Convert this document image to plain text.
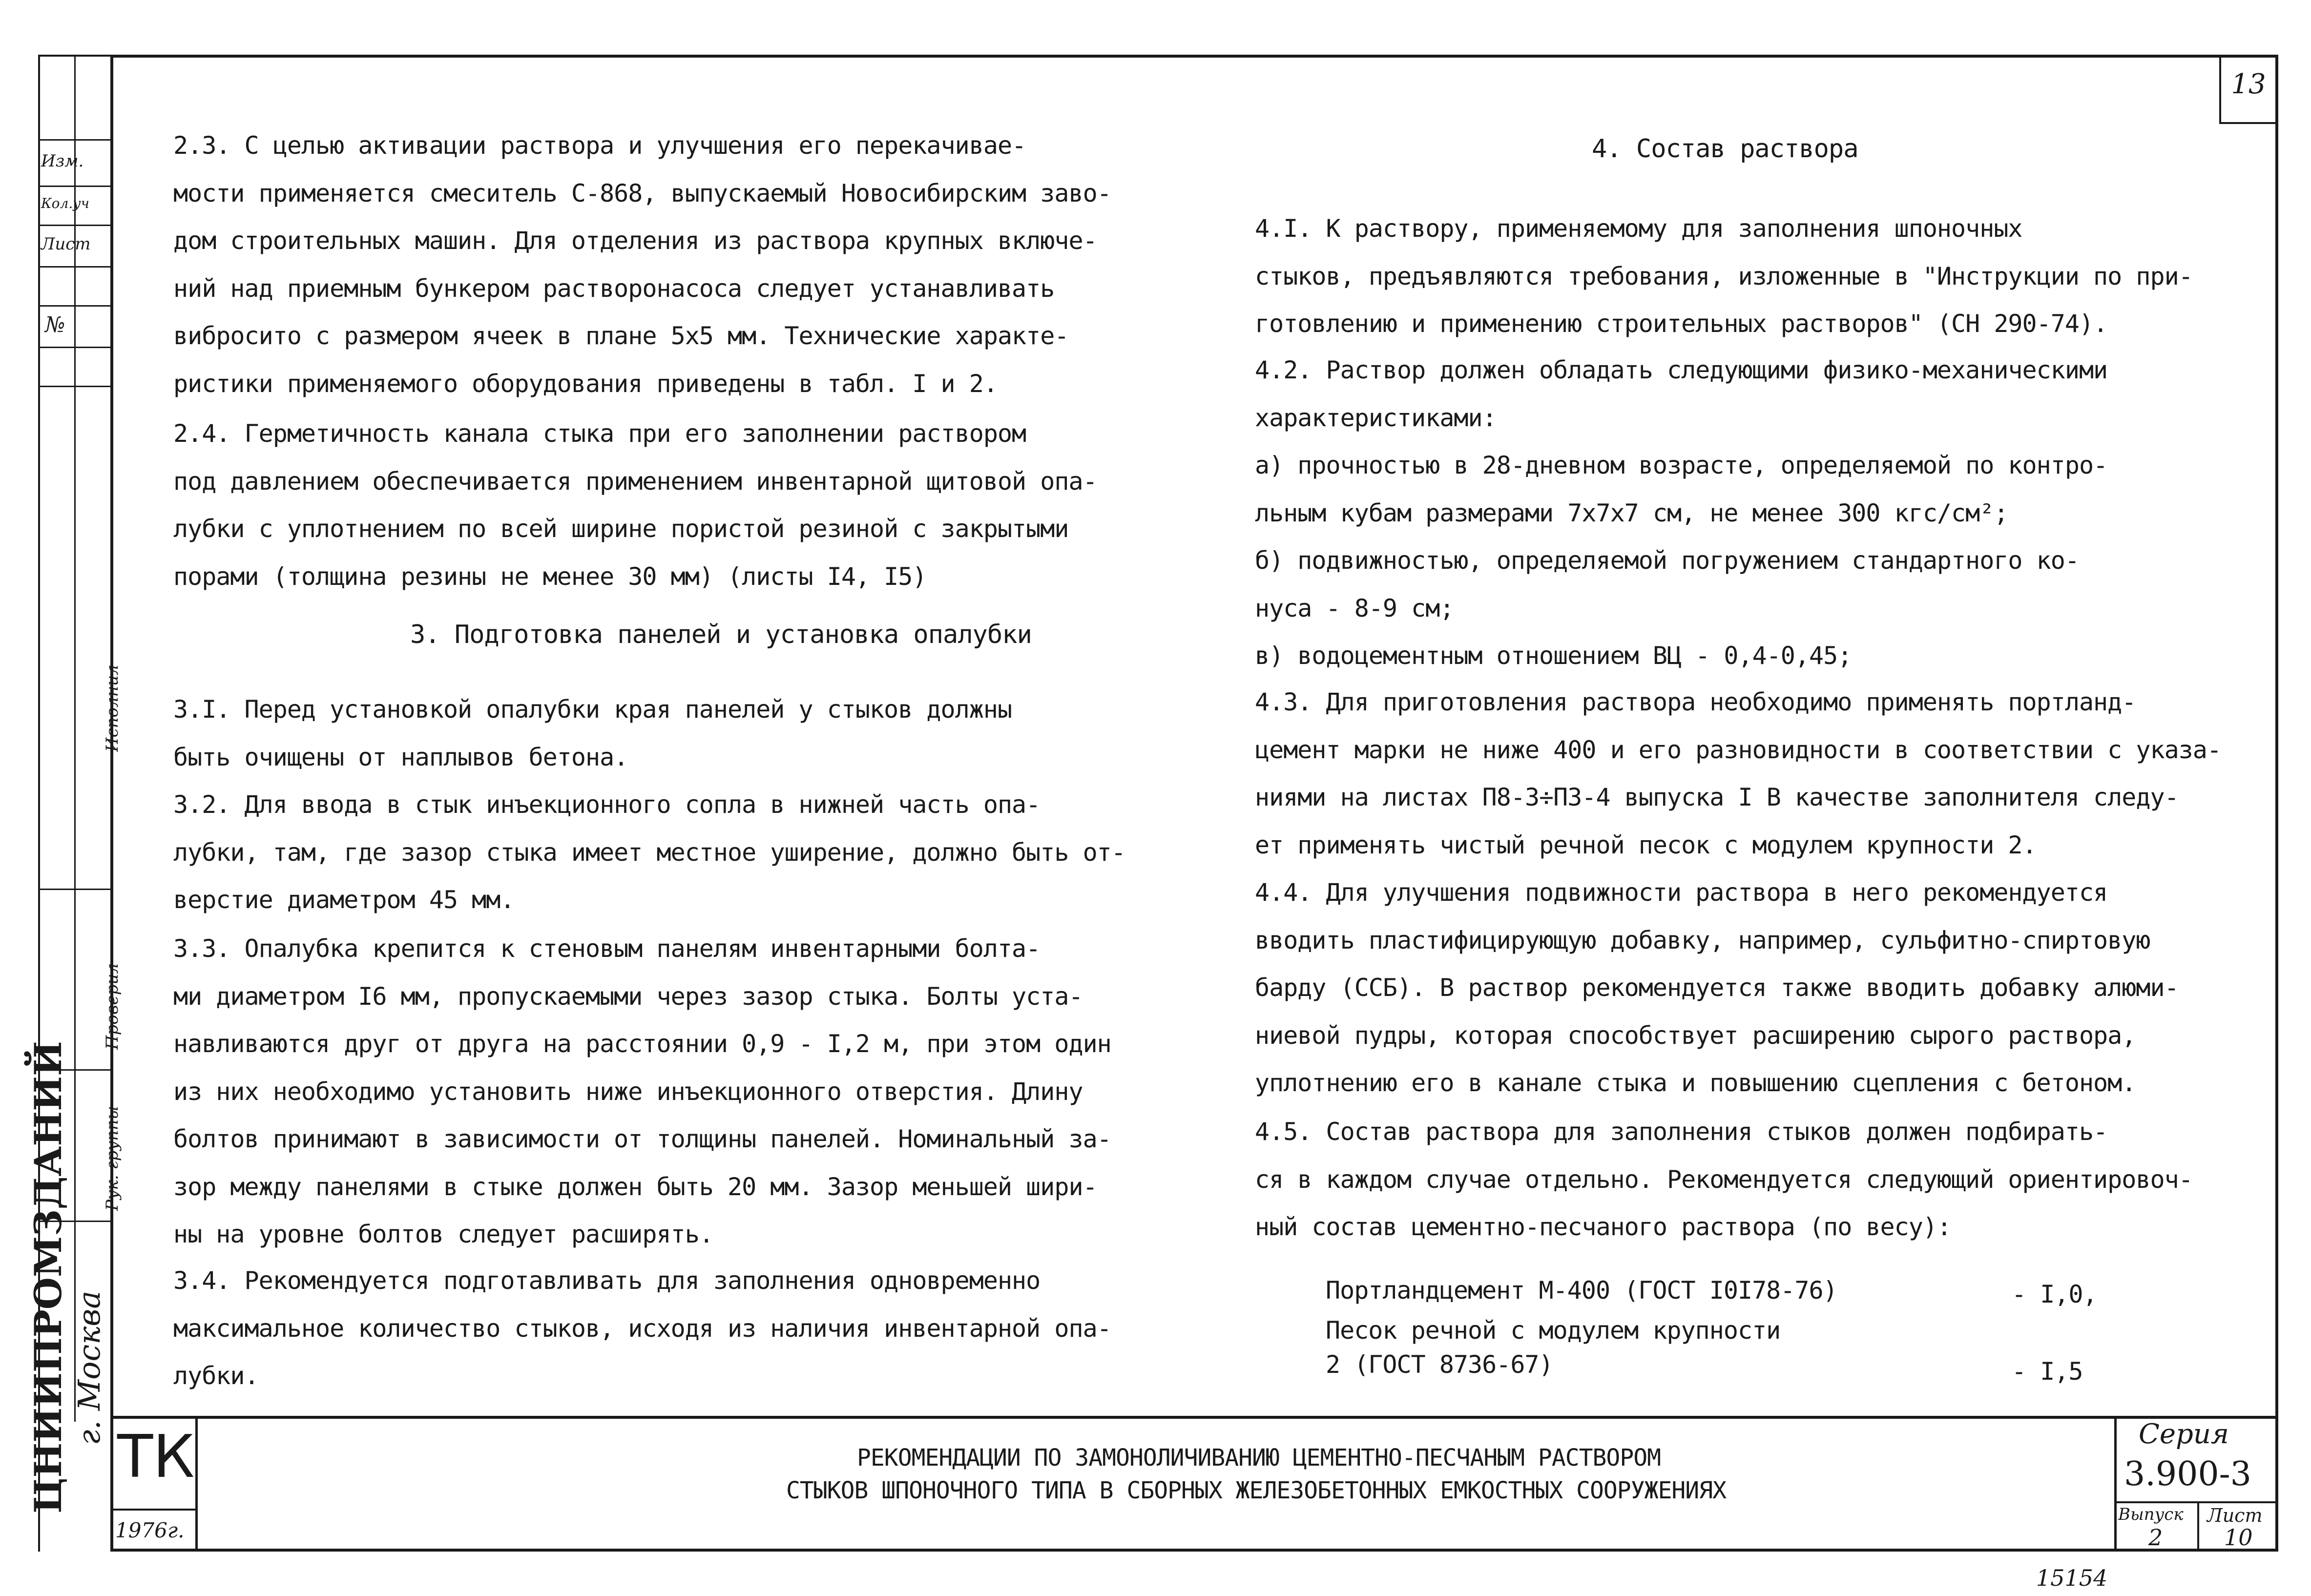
13
Изм.
Кол.уч
Лист
№
Исполнил
Проверил
Рук. группы
ЦНИИПРОМЗДАНИЙ г. Москва
2.3. С целью активации раствора и улучшения его перекачивае-
мости применяется смеситель С-868, выпускаемый Новосибирским заво-
дом строительных машин. Для отделения из раствора крупных включе-
ний над приемным бункером растворонасоса следует устанавливать
вибросито с размером ячеек в плане 5х5 мм. Технические характе-
ристики применяемого оборудования приведены в табл. I и 2.
2.4. Герметичность канала стыка при его заполнении раствором
под давлением обеспечивается применением инвентарной щитовой опа-
лубки с уплотнением по всей ширине пористой резиной с закрытыми
порами (толщина резины не менее 30 мм) (листы I4, I5)
3. Подготовка панелей и установка опалубки
3.I. Перед установкой опалубки края панелей у стыков должны
быть очищены от наплывов бетона.
3.2. Для ввода в стык инъекционного сопла в нижней часть опа-
лубки, там, где зазор стыка имеет местное уширение, должно быть от-
верстие диаметром 45 мм.
3.3. Опалубка крепится к стеновым панелям инвентарными болта-
ми диаметром I6 мм, пропускаемыми через зазор стыка. Болты уста-
навливаются друг от друга на расстоянии 0,9 - I,2 м, при этом один
из них необходимо установить ниже инъекционного отверстия. Длину
болтов принимают в зависимости от толщины панелей. Номинальный за-
зор между панелями в стыке должен быть 20 мм. Зазор меньшей шири-
ны на уровне болтов следует расширять.
3.4. Рекомендуется подготавливать для заполнения одновременно
максимальное количество стыков, исходя из наличия инвентарной опа-
лубки.
4. Состав раствора
4.I. К раствору, применяемому для заполнения шпоночных
стыков, предъявляются требования, изложенные в "Инструкции по при-
готовлению и применению строительных растворов" (СН 290-74).
4.2. Раствор должен обладать следующими физико-механическими
характеристиками:
а) прочностью в 28-дневном возрасте, определяемой по контро-
льным кубам размерами 7х7х7 см, не менее 300 кгс/см²;
б) подвижностью, определяемой погружением стандартного ко-
нуса - 8-9 см;
в) водоцементным отношением ВЦ - 0,4-0,45;
4.3. Для приготовления раствора необходимо применять портланд-
цемент марки не ниже 400 и его разновидности в соответствии с указа-
ниями на листах П8-3÷П3-4 выпуска I В качестве заполнителя следу-
ет применять чистый речной песок с модулем крупности 2.
4.4. Для улучшения подвижности раствора в него рекомендуется
вводить пластифицирующую добавку, например, сульфитно-спиртовую
барду (ССБ). В раствор рекомендуется также вводить добавку алюми-
ниевой пудры, которая способствует расширению сырого раствора,
уплотнению его в канале стыка и повышению сцепления с бетоном.
4.5. Состав раствора для заполнения стыков должен подбирать-
ся в каждом случае отдельно. Рекомендуется следующий ориентировоч-
ный состав цементно-песчаного раствора (по весу):
Портландцемент М-400 (ГОСТ I0I78-76)	- I,0,
Песок речной с модулем крупности
2 (ГОСТ 8736-67)	- I,5
ТК
1976г.
РЕКОМЕНДАЦИИ ПО ЗАМОНОЛИЧИВАНИЮ ЦЕМЕНТНО-ПЕСЧАНЫМ РАСТВОРОМ
СТЫКОВ ШПОНОЧНОГО ТИПА В СБОРНЫХ ЖЕЛЕЗОБЕТОННЫХ ЕМКОСТНЫХ СООРУЖЕНИЯХ
Серия
3.900-3
Выпуск
2
Лист
10
15154
